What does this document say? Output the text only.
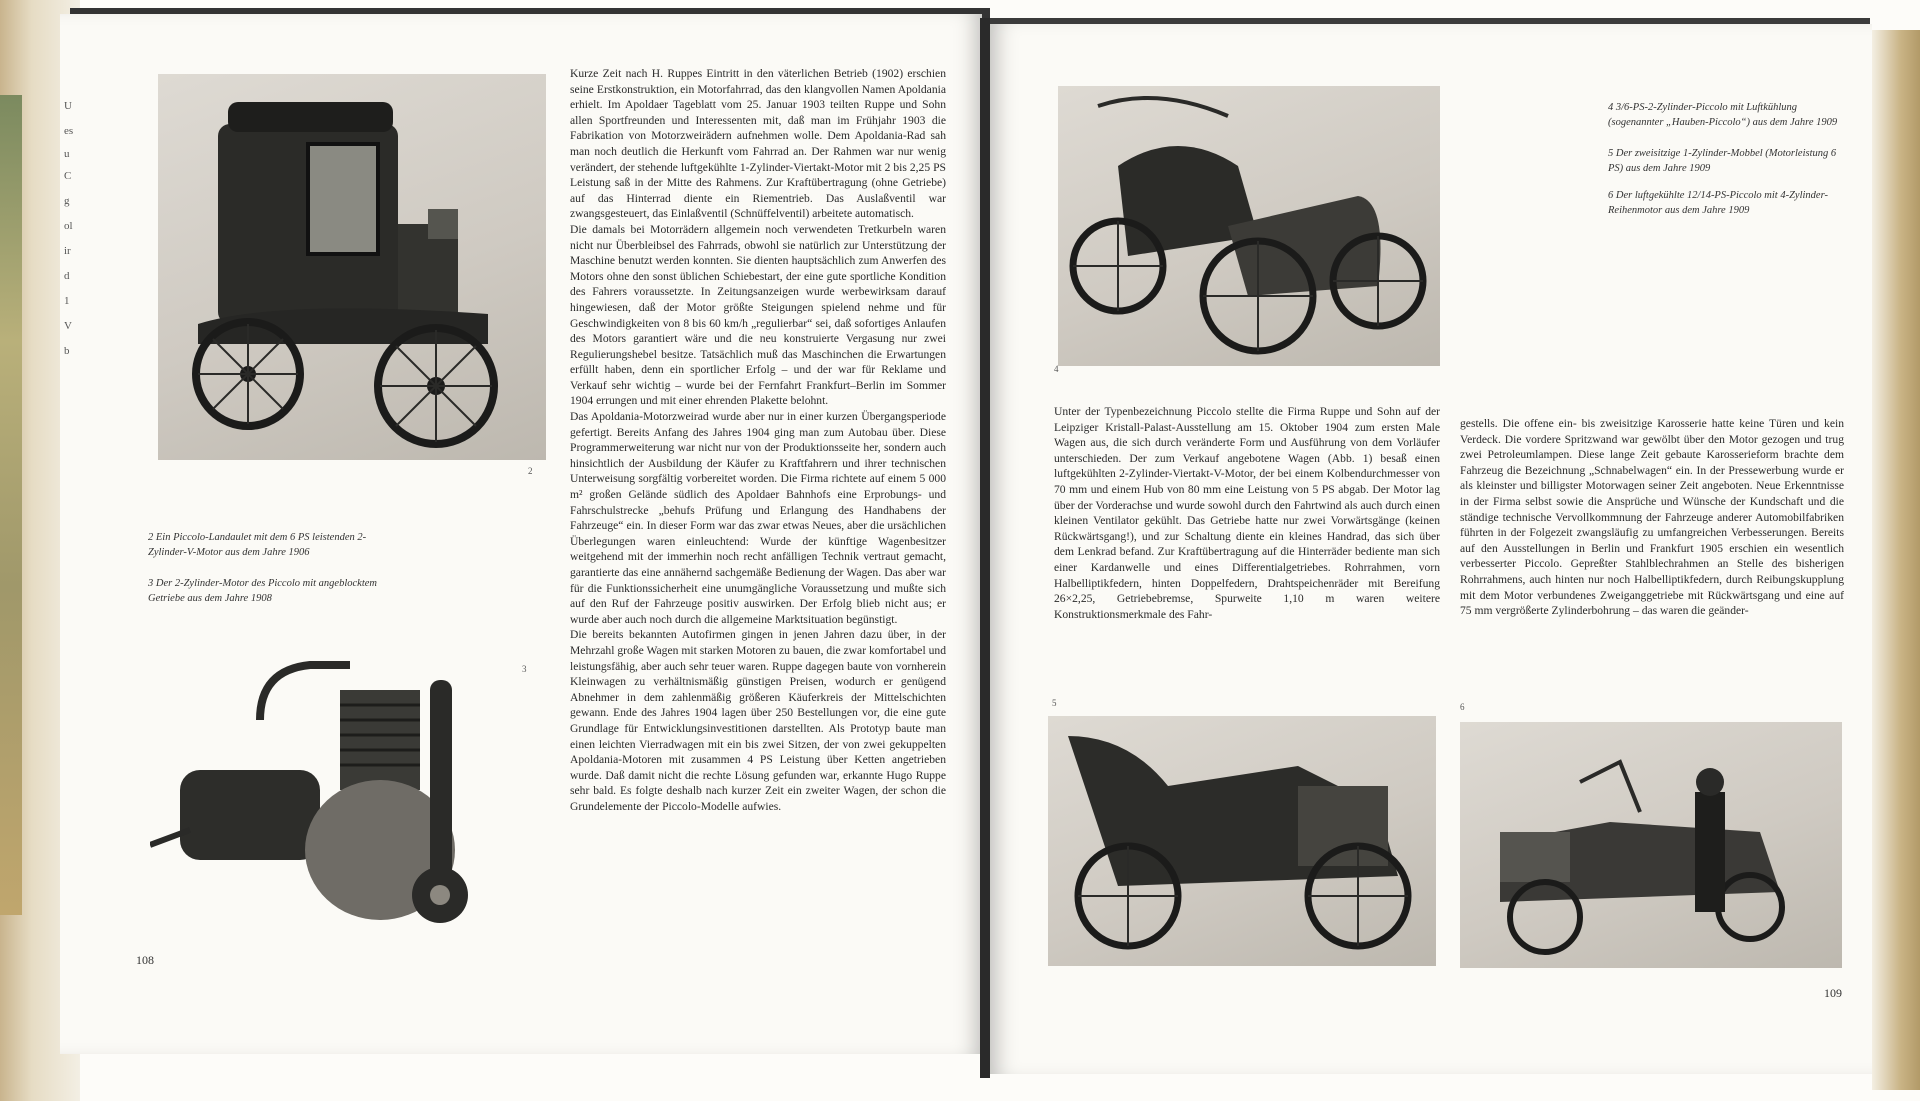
U
es
u
C
g
ol
ir
d
1
V
b
2
2 Ein Piccolo-Landaulet mit dem 6 PS leistenden 2-Zylinder-V-Motor aus dem Jahre 1906
3 Der 2-Zylinder-Motor des Piccolo mit angeblocktem Getriebe aus dem Jahre 1908
3

Kurze Zeit nach H. Ruppes Eintritt in den väterlichen Betrieb (1902) erschien seine Erstkonstruktion, ein Motorfahrrad, das den klangvollen Namen Apoldania erhielt. Im Apoldaer Tageblatt vom 25. Januar 1903 teilten Ruppe und Sohn allen Sportfreunden und Interessenten mit, daß man im Frühjahr 1903 die Fabrikation von Motorzweirädern aufnehmen wolle. Dem Apoldania-Rad sah man noch deutlich die Herkunft vom Fahrrad an. Der Rahmen war nur wenig verändert, der stehende luftgekühlte 1-Zylinder-Viertakt-Motor mit 2 bis 2,25 PS Leistung saß in der Mitte des Rahmens. Zur Kraftübertragung (ohne Getriebe) auf das Hinterrad diente ein Riementrieb. Das Auslaßventil war zwangsgesteuert, das Einlaßventil (Schnüffelventil) arbeitete automatisch.

Die damals bei Motorrädern allgemein noch verwendeten Tretkurbeln waren nicht nur Überbleibsel des Fahrrads, obwohl sie natürlich zur Unterstützung der Maschine benutzt werden konnten. Sie dienten hauptsächlich zum Anwerfen des Motors ohne den sonst üblichen Schiebestart, der eine gute sportliche Kondition des Fahrers voraussetzte. In Zeitungsanzeigen wurde werbewirksam darauf hingewiesen, daß der Motor größte Steigungen spielend nehme und für Geschwindigkeiten von 8 bis 60 km/h „regulierbar“ sei, daß sofortiges Anlaufen des Motors garantiert wäre und die neu konstruierte Vergasung nur zwei Regulierungshebel besitze. Tatsächlich muß das Maschinchen die Erwartungen erfüllt haben, denn ein sportlicher Erfolg – und der war für Reklame und Verkauf sehr wichtig – wurde bei der Fernfahrt Frankfurt–Berlin im Sommer 1904 errungen und mit einer ehrenden Plakette belohnt.

Das Apoldania-Motorzweirad wurde aber nur in einer kurzen Übergangsperiode gefertigt. Bereits Anfang des Jahres 1904 ging man zum Autobau über. Diese Programmerweiterung war nicht nur von der Produktionsseite her, sondern auch hinsichtlich der Ausbildung der Käufer zu Kraftfahrern und ihrer technischen Unterweisung sorgfältig vorbereitet worden. Die Firma richtete auf einem 5 000 m² großen Gelände südlich des Apoldaer Bahnhofs eine Erprobungs- und Fahrschulstrecke „behufs Prüfung und Erlangung des Handhabens der Fahrzeuge“ ein. In dieser Form war das zwar etwas Neues, aber die ursächlichen Überlegungen waren einleuchtend: Wurde der künftige Wagenbesitzer weitgehend mit der immerhin noch recht anfälligen Technik vertraut gemacht, garantierte das eine annähernd sachgemäße Bedienung der Wagen. Das aber war für die Funktionssicherheit eine unumgängliche Voraussetzung und mußte sich auf den Ruf der Fahrzeuge positiv auswirken. Der Erfolg blieb nicht aus; er wurde aber auch noch durch die allgemeine Marktsituation begünstigt.

Die bereits bekannten Autofirmen gingen in jenen Jahren dazu über, in der Mehrzahl große Wagen mit starken Motoren zu bauen, die zwar komfortabel und leistungsfähig, aber auch sehr teuer waren. Ruppe dagegen baute von vornherein Kleinwagen zu verhältnismäßig günstigen Preisen, wodurch er genügend Abnehmer in dem zahlenmäßig größeren Käuferkreis der Mittelschichten gewann. Ende des Jahres 1904 lagen über 250 Bestellungen vor, die eine gute Grundlage für Entwicklungsinvestitionen darstellten. Als Prototyp baute man einen leichten Vierradwagen mit ein bis zwei Sitzen, der von zwei gekuppelten Apoldania-Motoren mit zusammen 4 PS Leistung über Ketten angetrieben wurde. Daß damit nicht die rechte Lösung gefunden war, erkannte Hugo Ruppe sehr bald. Es folgte deshalb nach kurzer Zeit ein zweiter Wagen, der schon die Grundelemente der Piccolo-Modelle aufwies.

108
4
4 3/6-PS-2-Zylinder-Piccolo mit Luftkühlung (sogenannter „Hauben-Piccolo“) aus dem Jahre 1909
5 Der zweisitzige 1-Zylinder-Mobbel (Motorleistung 6 PS) aus dem Jahre 1909
6 Der luftgekühlte 12/14-PS-Piccolo mit 4-Zylinder-Reihenmotor aus dem Jahre 1909

Unter der Typenbezeichnung Piccolo stellte die Firma Ruppe und Sohn auf der Leipziger Kristall-Palast-Ausstellung am 15. Oktober 1904 zum ersten Male Wagen aus, die sich durch veränderte Form und Ausführung von dem Vorläufer unterschieden. Der zum Verkauf angebotene Wagen (Abb. 1) besaß einen luftgekühlten 2-Zylinder-Viertakt-V-Motor, der bei einem Kolbendurchmesser von 70 mm und einem Hub von 80 mm eine Leistung von 5 PS abgab. Der Motor lag über der Vorderachse und wurde sowohl durch den Fahrtwind als auch durch einen kleinen Ventilator gekühlt. Das Getriebe hatte nur zwei Vorwärtsgänge (keinen Rückwärtsgang!), und zur Schaltung diente ein kleines Handrad, das sich über dem Lenkrad befand. Zur Kraftübertragung auf die Hinterräder bediente man sich einer Kardanwelle und eines Differentialgetriebes. Rohrrahmen, vorn Halbelliptikfedern, hinten Doppelfedern, Drahtspeichenräder mit Bereifung 26×2,25, Getriebebremse, Spurweite 1,10 m waren weitere Konstruktionsmerkmale des Fahr-

gestells. Die offene ein- bis zweisitzige Karosserie hatte keine Türen und kein Verdeck. Die vordere Spritzwand war gewölbt über den Motor gezogen und trug zwei Petroleumlampen. Diese lange Zeit gebaute Karosserieform brachte dem Fahrzeug die Bezeichnung „Schnabelwagen“ ein. In der Pressewerbung wurde er als kleinster und billigster Motorwagen seiner Zeit angeboten. Neue Erkenntnisse in der Firma selbst sowie die Ansprüche und Wünsche der Kundschaft und die ständige technische Vervollkommnung der Fahrzeuge anderer Automobilfabriken führten in der Folgezeit zwangsläufig zu umfangreichen Verbesserungen. Bereits auf den Ausstellungen in Berlin und Frankfurt 1905 erschien ein wesentlich verbesserter Piccolo. Gepreßter Stahlblechrahmen an Stelle des bisherigen Rohrrahmens, auch hinten nur noch Halbelliptikfedern, durch Reibungskupplung mit dem Motor verbundenes Zweiganggetriebe mit Rückwärtsgang und eine auf 75 mm vergrößerte Zylinderbohrung – das waren die geänder-

5	6
109
